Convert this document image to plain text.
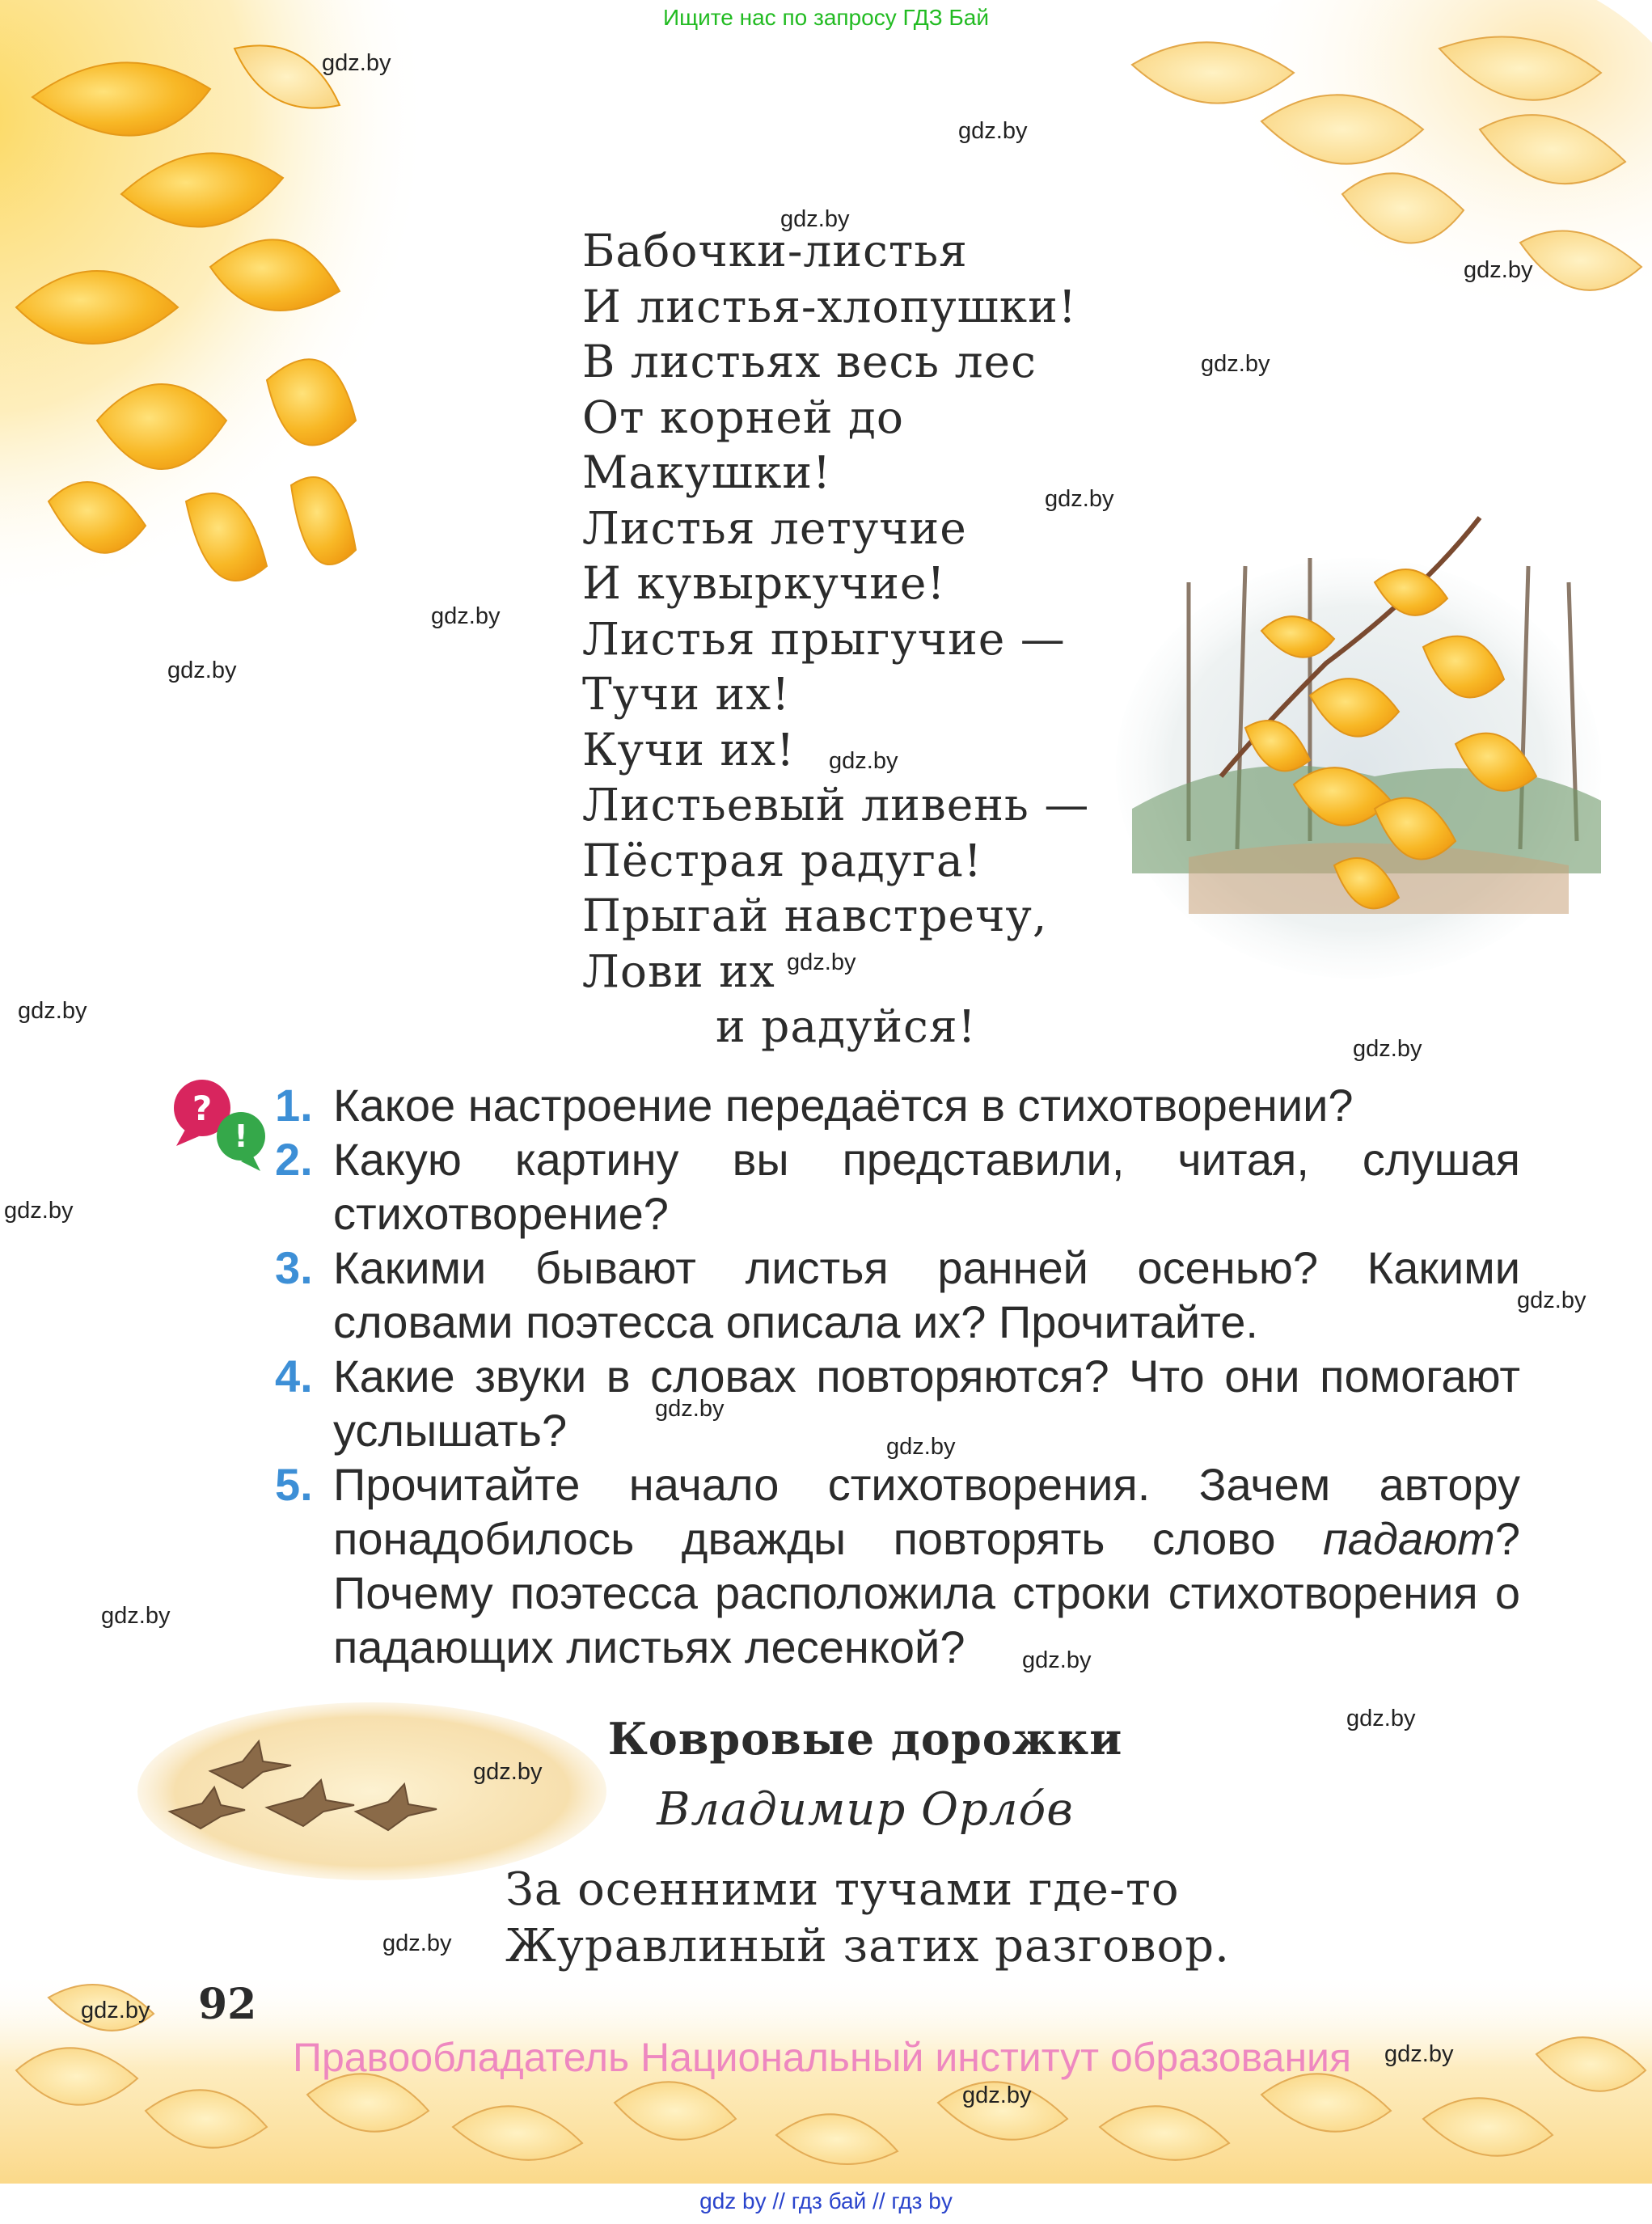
?
!
Ищите нас по запросу ГДЗ Бай
gdz.by
gdz.by
gdz.by
gdz.by
gdz.by
gdz.by
gdz.by
gdz.by
gdz.by
gdz.by
gdz.by
gdz.by
gdz.by
gdz.by
gdz.by
gdz.by
gdz.by
gdz.by
gdz.by
gdz.by
gdz.by
gdz.by
gdz.by
gdz.by
Бабочки-листья
И листья-хлопушки!
В листьях весь лес
От корней до
Макушки!
Листья летучие
И кувыркучие!
Листья прыгучие —
Тучи их!
Кучи их!
Листьевый ливень —
Пёстрая радуга!
Прыгай навстречу,
Лови их
и радуйся!
1. Какое настроение передаётся в стихотворении?
2. Какую картину вы представили, читая, слушая стихотворение?
3. Какими бывают листья ранней осенью? Какими словами поэтесса описала их? Прочитайте.
4. Какие звуки в словах повторяются? Что они помогают услышать?
5. Прочитайте начало стихотворения. Зачем автору понадобилось дважды повторять слово падают? Почему поэтесса расположила строки стихотворения о падающих листьях лесенкой?
Ковровые дорожки
Владимир Орлóв
За осенними тучами где-то
Журавлиный затих разговор.
92
Правообладатель Национальный институт образования
gdz by // гдз бай // гдз by
